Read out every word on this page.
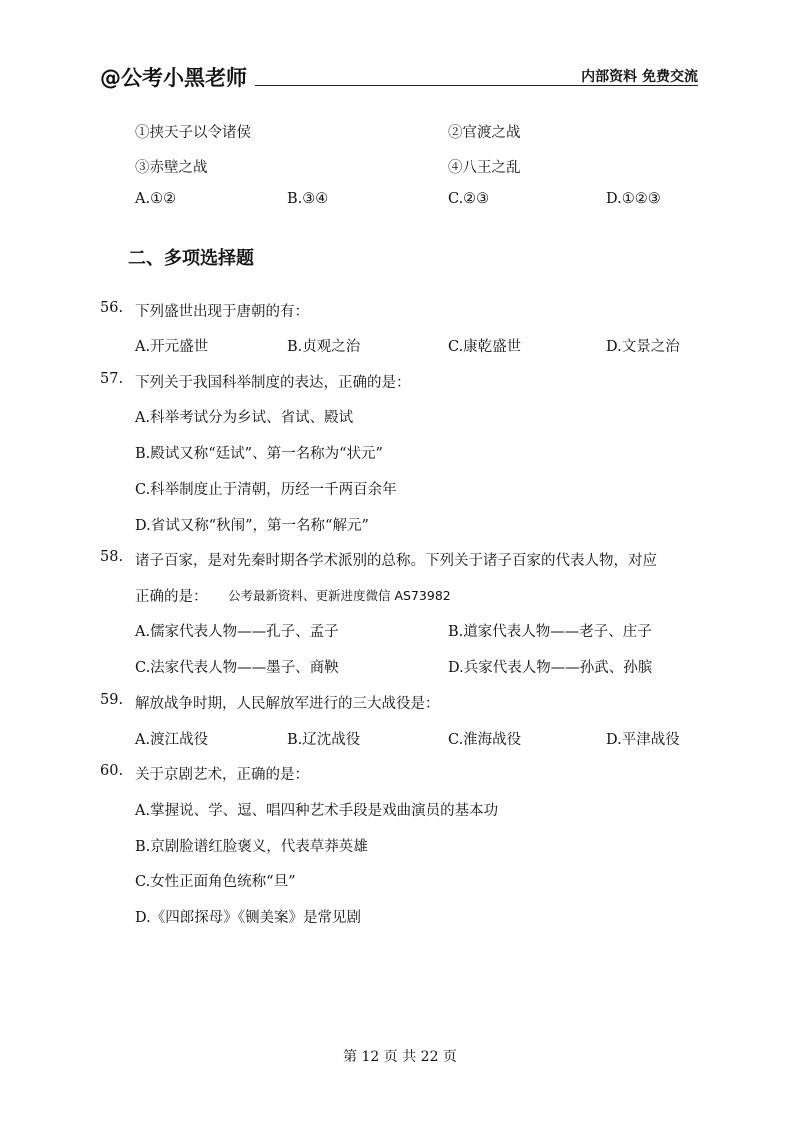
@公考小黑老师	内部资料 免费交流
①挟天子以令诸侯	②官渡之战
③赤壁之战	④八王之乱
A.①②	B.③④	C.②③	D.①②③
二、多项选择题
56. 下列盛世出现于唐朝的有：
A.开元盛世	B.贞观之治	C.康乾盛世	D.文景之治
57. 下列关于我国科举制度的表达，正确的是：
A.科举考试分为乡试、省试、殿试
B.殿试又称“廷试”、第一名称为“状元”
C.科举制度止于清朝，历经一千两百余年
D.省试又称“秋闱”，第一名称“解元”
58. 诸子百家，是对先秦时期各学术派别的总称。下列关于诸子百家的代表人物，对应
正确的是： 公考最新资料、更新进度微信 AS73982
A.儒家代表人物——孔子、孟子	B.道家代表人物——老子、庄子
C.法家代表人物——墨子、商鞅	D.兵家代表人物——孙武、孙膑
59. 解放战争时期，人民解放军进行的三大战役是：
A.渡江战役	B.辽沈战役	C.淮海战役	D.平津战役
60. 关于京剧艺术，正确的是：
A.掌握说、学、逗、唱四种艺术手段是戏曲演员的基本功
B.京剧脸谱红脸褒义，代表草莽英雄
C.女性正面角色统称“旦”
D.《四郎探母》《铡美案》是常见剧
第 12 页 共 22 页
